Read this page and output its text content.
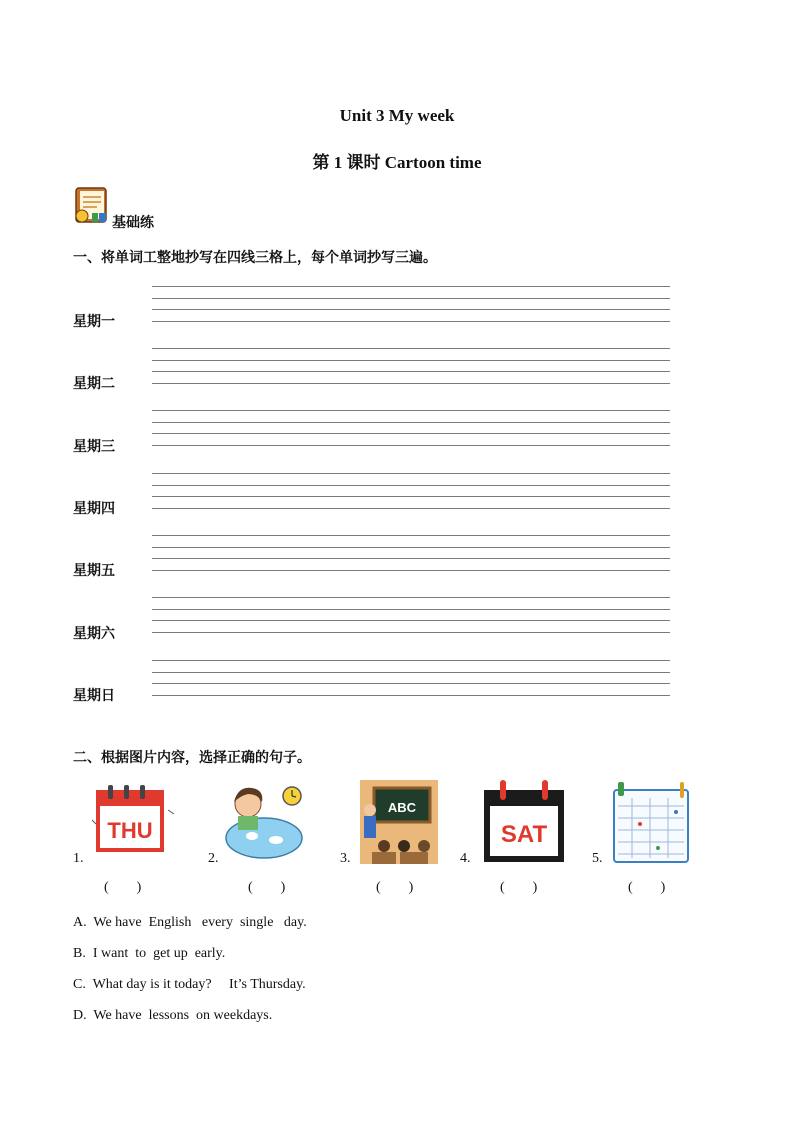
Unit 3 My week
第 1 课时 Cartoon time
基础练
一、将单词工整地抄写在四线三格上，每个单词抄写三遍。
星期一
星期二
星期三
星期四
星期五
星期六
星期日
二、根据图片内容，选择正确的句子。
1.
THU
2.	3.
ABC
4.
SAT
5.
(        )	(        )	(        )	(        )	(        )
A.  We have  English   every  single   day.
B.  I want  to  get up  early.
C.  What day is it today?     It’s Thursday.
D.  We have  lessons  on weekdays.
